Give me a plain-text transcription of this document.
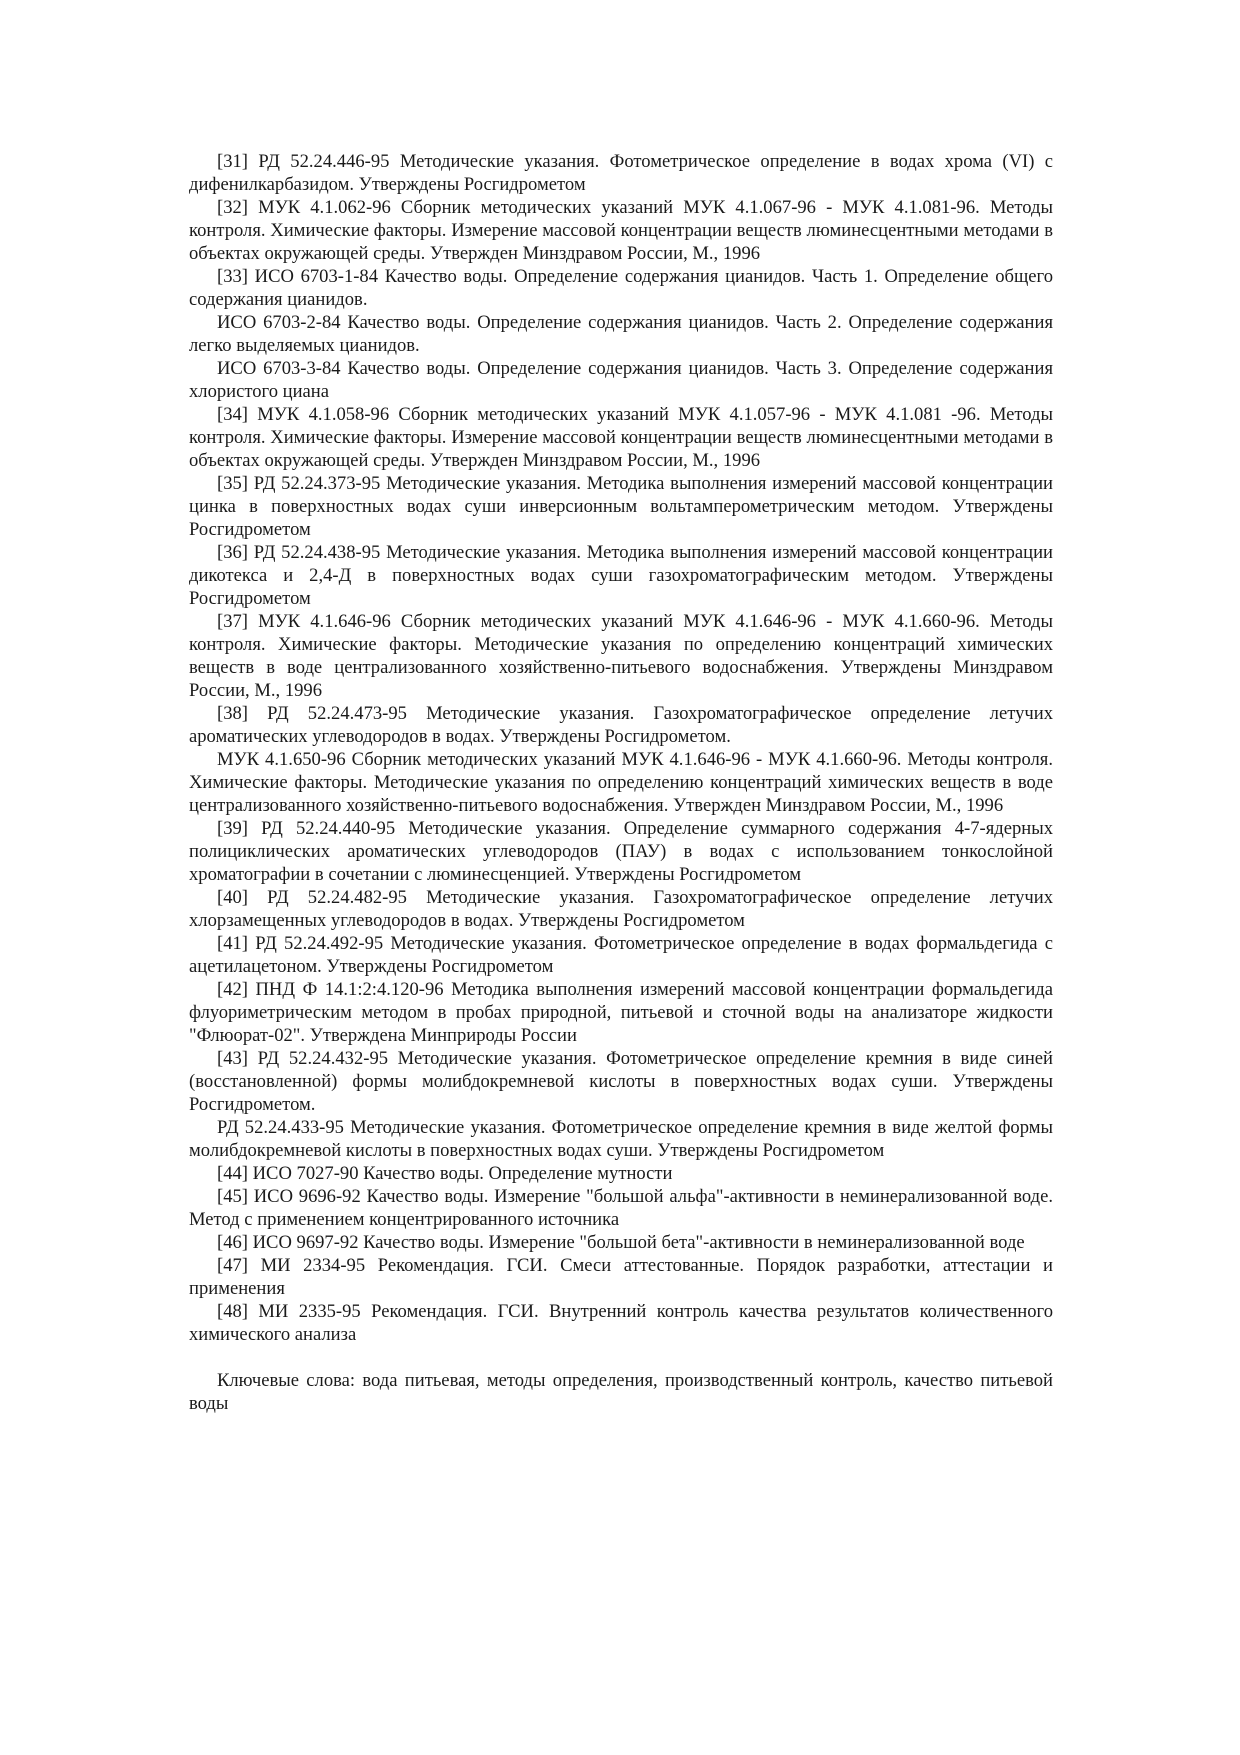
[31] РД 52.24.446-95 Методические указания. Фотометрическое определение в водах хрома (VI) с дифенилкарбазидом. Утверждены Росгидрометом

[32] МУК 4.1.062-96 Сборник методических указаний МУК 4.1.067-96 - МУК 4.1.081-96. Методы контроля. Химические факторы. Измерение массовой концентрации веществ люминесцентными методами в объектах окружающей среды. Утвержден Минздравом России, М., 1996

[33] ИСО 6703-1-84 Качество воды. Определение содержания цианидов. Часть 1. Определение общего содержания цианидов.

ИСО 6703-2-84 Качество воды. Определение содержания цианидов. Часть 2. Определение содержания легко выделяемых цианидов.

ИСО 6703-3-84 Качество воды. Определение содержания цианидов. Часть 3. Определение содержания хлористого циана

[34] МУК 4.1.058-96 Сборник методических указаний МУК 4.1.057-96 - МУК 4.1.081 -96. Методы контроля. Химические факторы. Измерение массовой концентрации веществ люминесцентными методами в объектах окружающей среды. Утвержден Минздравом России, М., 1996

[35] РД 52.24.373-95 Методические указания. Методика выполнения измерений массовой концентрации цинка в поверхностных водах суши инверсионным вольтамперометрическим методом. Утверждены Росгидрометом

[36] РД 52.24.438-95 Методические указания. Методика выполнения измерений массовой концентрации дикотекса и 2,4-Д в поверхностных водах суши газохроматографическим методом. Утверждены Росгидрометом

[37] МУК 4.1.646-96 Сборник методических указаний МУК 4.1.646-96 - МУК 4.1.660-96. Методы контроля. Химические факторы. Методические указания по определению концентраций химических веществ в воде централизованного хозяйственно-питьевого водоснабжения. Утверждены Минздравом России, М., 1996

[38] РД 52.24.473-95 Методические указания. Газохроматографическое определение летучих ароматических углеводородов в водах. Утверждены Росгидрометом.

МУК 4.1.650-96 Сборник методических указаний МУК 4.1.646-96 - МУК 4.1.660-96. Методы контроля. Химические факторы. Методические указания по определению концентраций химических веществ в воде централизованного хозяйственно-питьевого водоснабжения. Утвержден Минздравом России, М., 1996

[39] РД 52.24.440-95 Методические указания. Определение суммарного содержания 4-7-ядерных полициклических ароматических углеводородов (ПАУ) в водах с использованием тонкослойной хроматографии в сочетании с люминесценцией. Утверждены Росгидрометом

[40] РД 52.24.482-95 Методические указания. Газохроматографическое определение летучих хлорзамещенных углеводородов в водах. Утверждены Росгидрометом

[41] РД 52.24.492-95 Методические указания. Фотометрическое определение в водах формальдегида с ацетилацетоном. Утверждены Росгидрометом

[42] ПНД Ф 14.1:2:4.120-96 Методика выполнения измерений массовой концентрации формальдегида флуориметрическим методом в пробах природной, питьевой и сточной воды на анализаторе жидкости "Флюорат-02". Утверждена Минприроды России

[43] РД 52.24.432-95 Методические указания. Фотометрическое определение кремния в виде синей (восстановленной) формы молибдокремневой кислоты в поверхностных водах суши. Утверждены Росгидрометом.

РД 52.24.433-95 Методические указания. Фотометрическое определение кремния в виде желтой формы молибдокремневой кислоты в поверхностных водах суши. Утверждены Росгидрометом

[44] ИСО 7027-90 Качество воды. Определение мутности

[45] ИСО 9696-92 Качество воды. Измерение "большой альфа"-активности в неминерализованной воде. Метод с применением концентрированного источника

[46] ИСО 9697-92 Качество воды. Измерение "большой бета"-активности в неминерализованной воде

[47] МИ 2334-95 Рекомендация. ГСИ. Смеси аттестованные. Порядок разработки, аттестации и применения

[48] МИ 2335-95 Рекомендация. ГСИ. Внутренний контроль качества результатов количественного химического анализа

Ключевые слова: вода питьевая, методы определения, производственный контроль, качество питьевой воды
